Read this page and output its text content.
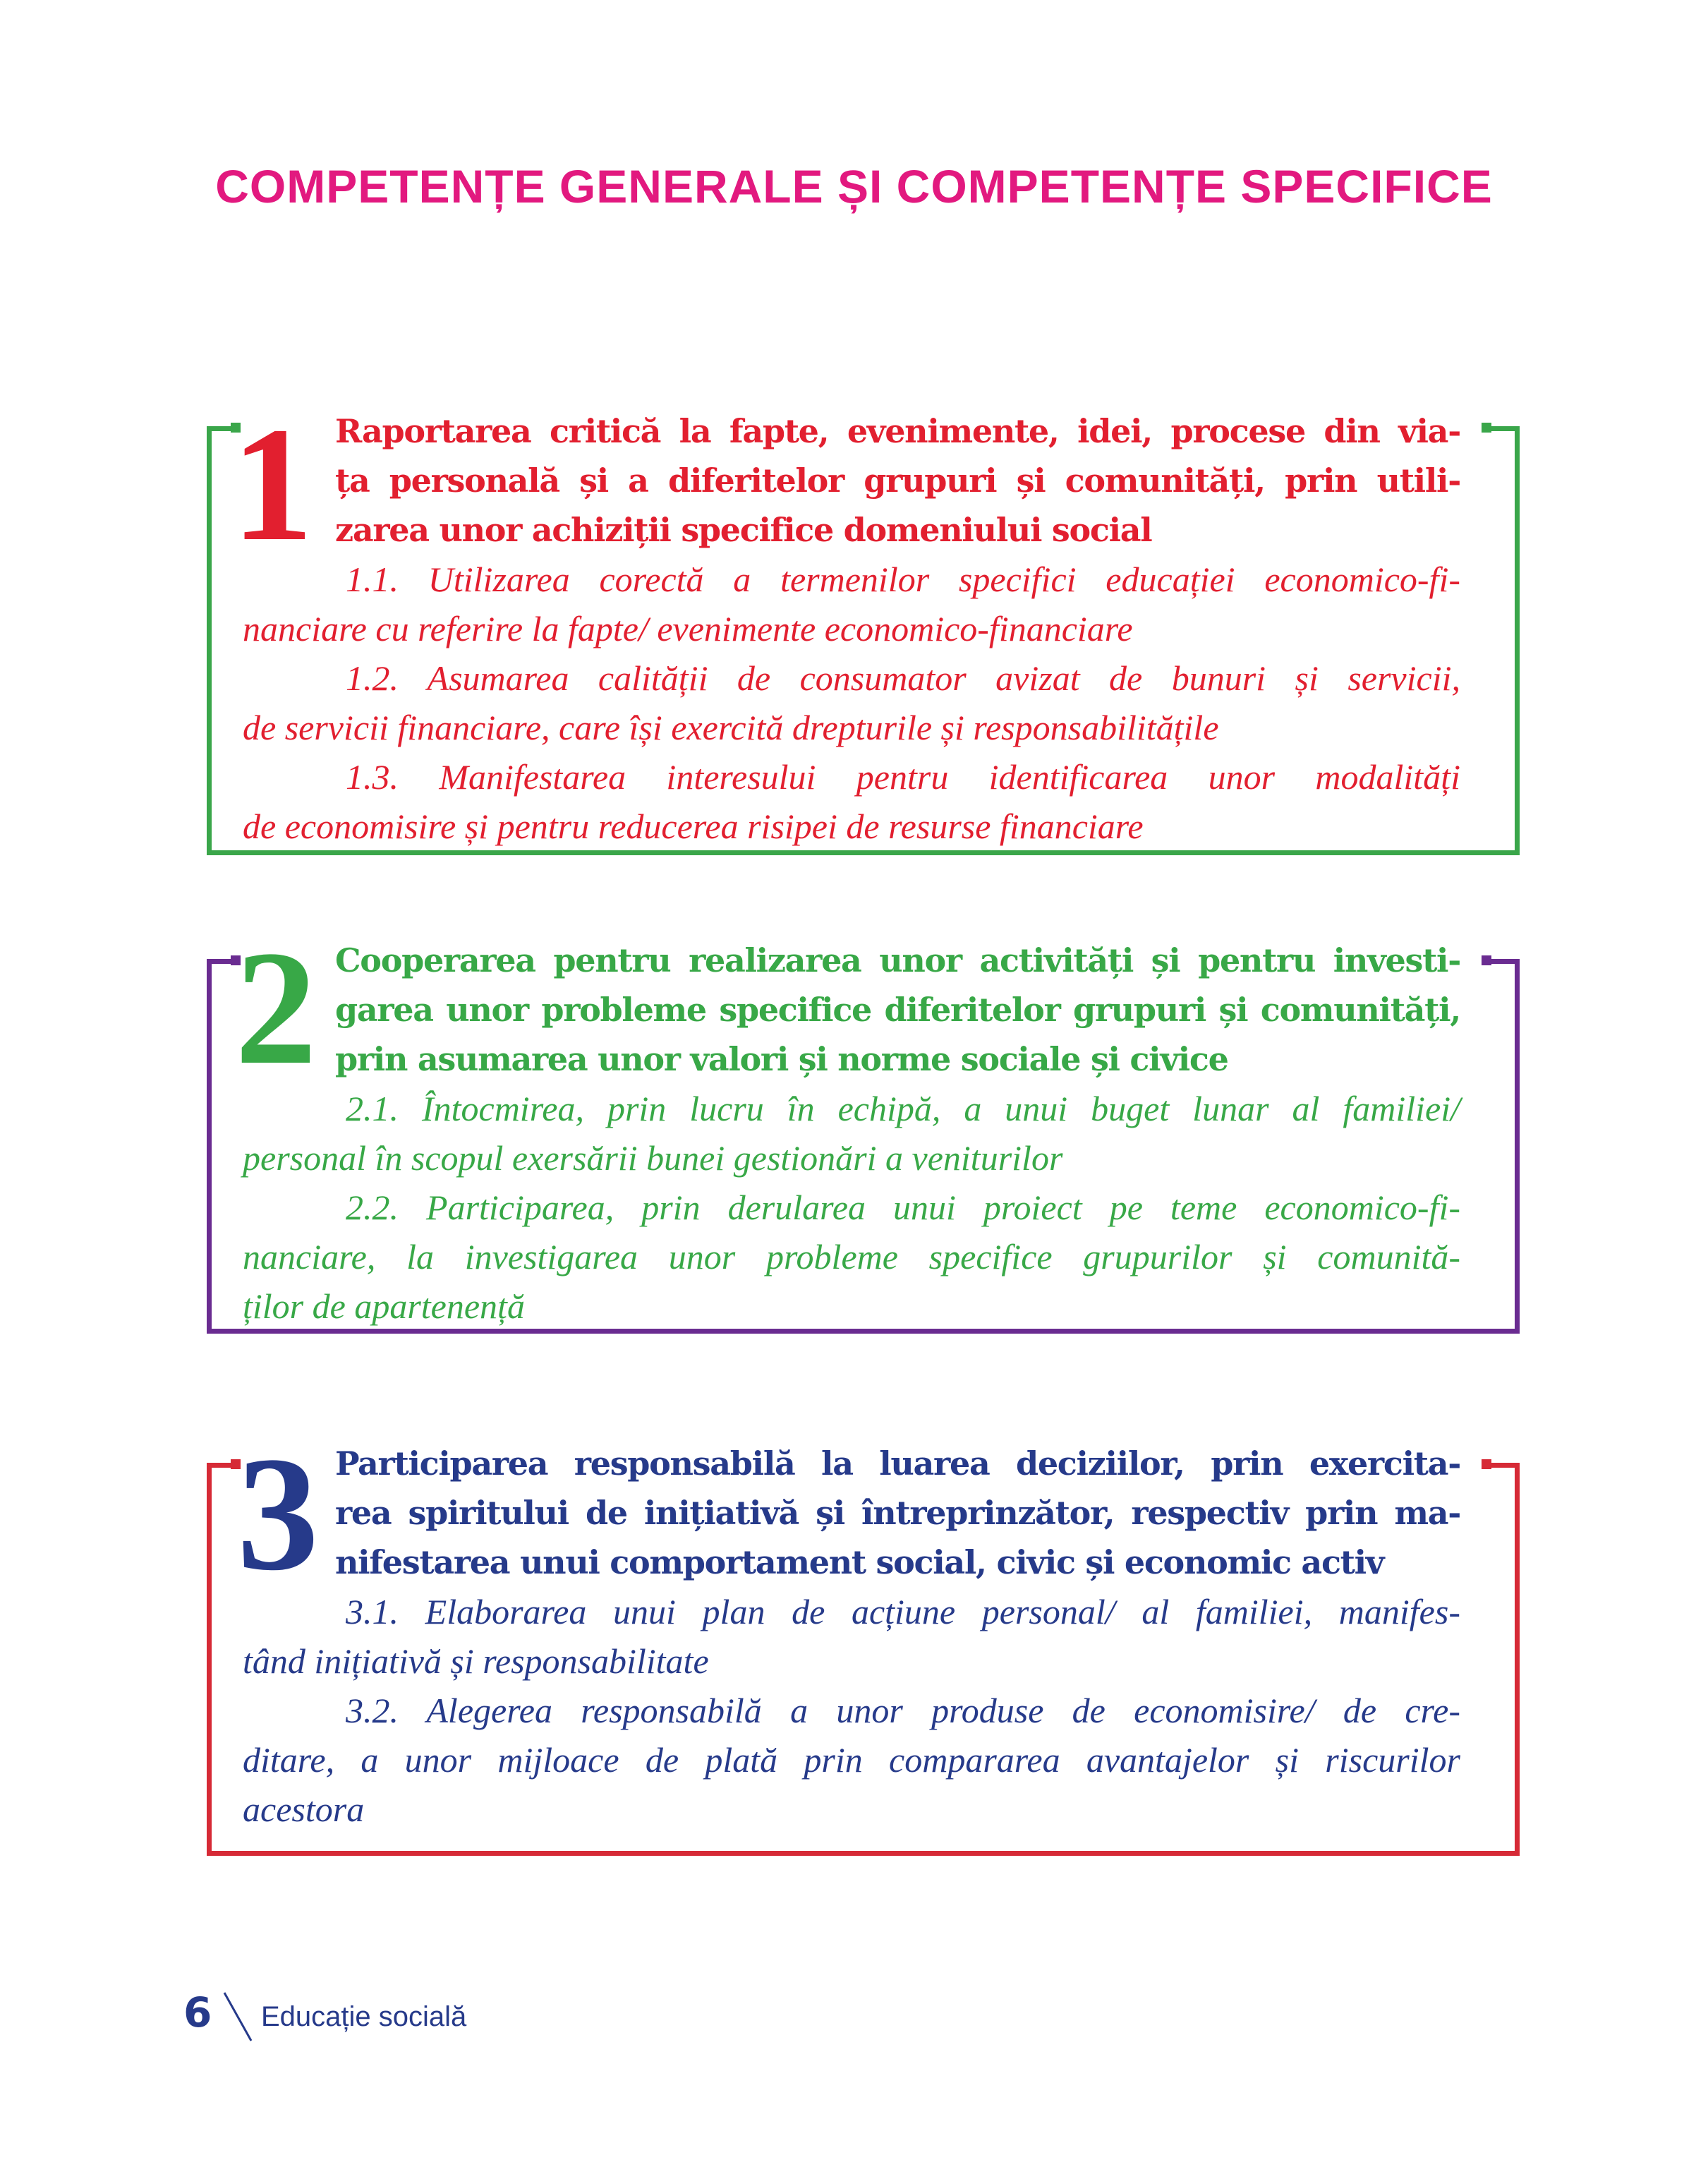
COMPETENȚE GENERALE ȘI COMPETENȚE SPECIFICE
1 Raportarea critică la fapte, evenimente, idei, procese din via-
ța personală și a diferitelor grupuri și comunități, prin utili-
zarea unor achiziții specifice domeniului social

1.1. Utilizarea corectă a termenilor specifici educației economico-fi-
nanciare cu referire la fapte/ evenimente economico-financiare

1.2. Asumarea calității de consumator avizat de bunuri și servicii,
de servicii financiare, care își exercită drepturile și responsabilitățile

1.3. Manifestarea interesului pentru identificarea unor modalități
de economisire și pentru reducerea risipei de resurse financiare

2 Cooperarea pentru realizarea unor activități și pentru investi-
garea unor probleme specifice diferitelor grupuri și comunități,
prin asumarea unor valori și norme sociale și civice

2.1. Întocmirea, prin lucru în echipă, a unui buget lunar al familiei/
personal în scopul exersării bunei gestionări a veniturilor

2.2. Participarea, prin derularea unui proiect pe teme economico-fi-
nanciare, la investigarea unor probleme specifice grupurilor și comunită-
ților de apartenență

3 Participarea responsabilă la luarea deciziilor, prin exercita-
rea spiritului de inițiativă și întreprinzător, respectiv prin ma-
nifestarea unui comportament social, civic și economic activ

3.1. Elaborarea unui plan de acțiune personal/ al familiei, manifes-
tând inițiativă și responsabilitate

3.2. Alegerea responsabilă a unor produse de economisire/ de cre-
ditare, a unor mijloace de plată prin compararea avantajelor și riscurilor
acestora

6 Educație socială
